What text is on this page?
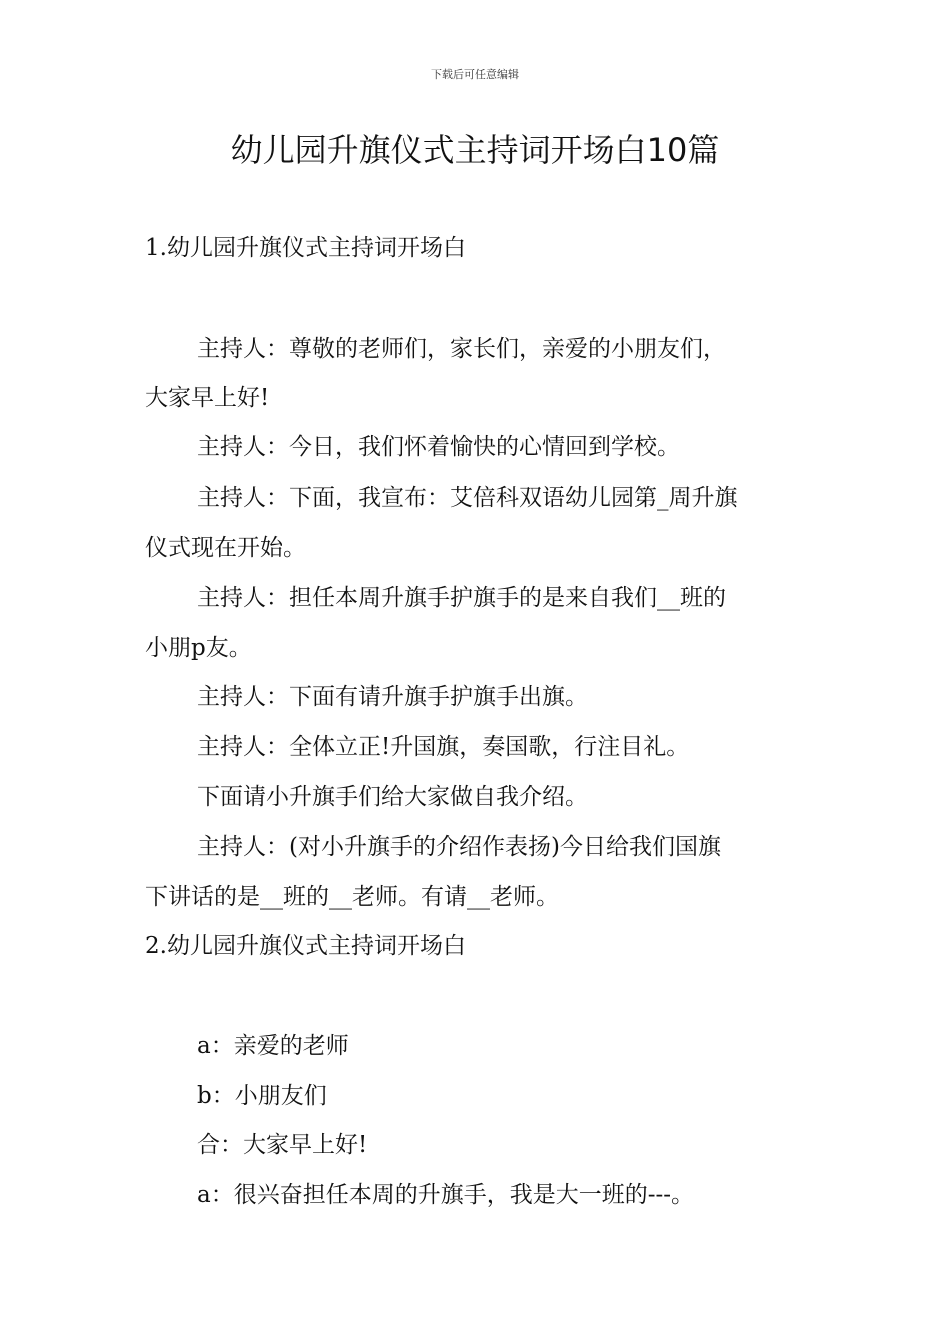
下载后可任意编辑
幼儿园升旗仪式主持词开场白10篇
1.幼儿园升旗仪式主持词开场白
主持人：尊敬的老师们，家长们，亲爱的小朋友们，
大家早上好!
主持人：今日，我们怀着愉快的心情回到学校。
主持人：下面，我宣布：艾倍科双语幼儿园第_周升旗
仪式现在开始。
主持人：担任本周升旗手护旗手的是来自我们__班的
小朋p友。
主持人：下面有请升旗手护旗手出旗。
主持人：全体立正!升国旗，奏国歌，行注目礼。
下面请小升旗手们给大家做自我介绍。
主持人：(对小升旗手的介绍作表扬)今日给我们国旗
下讲话的是__班的__老师。有请__老师。
2.幼儿园升旗仪式主持词开场白
a：亲爱的老师
b：小朋友们
合：大家早上好!
a：很兴奋担任本周的升旗手，我是大一班的---。
